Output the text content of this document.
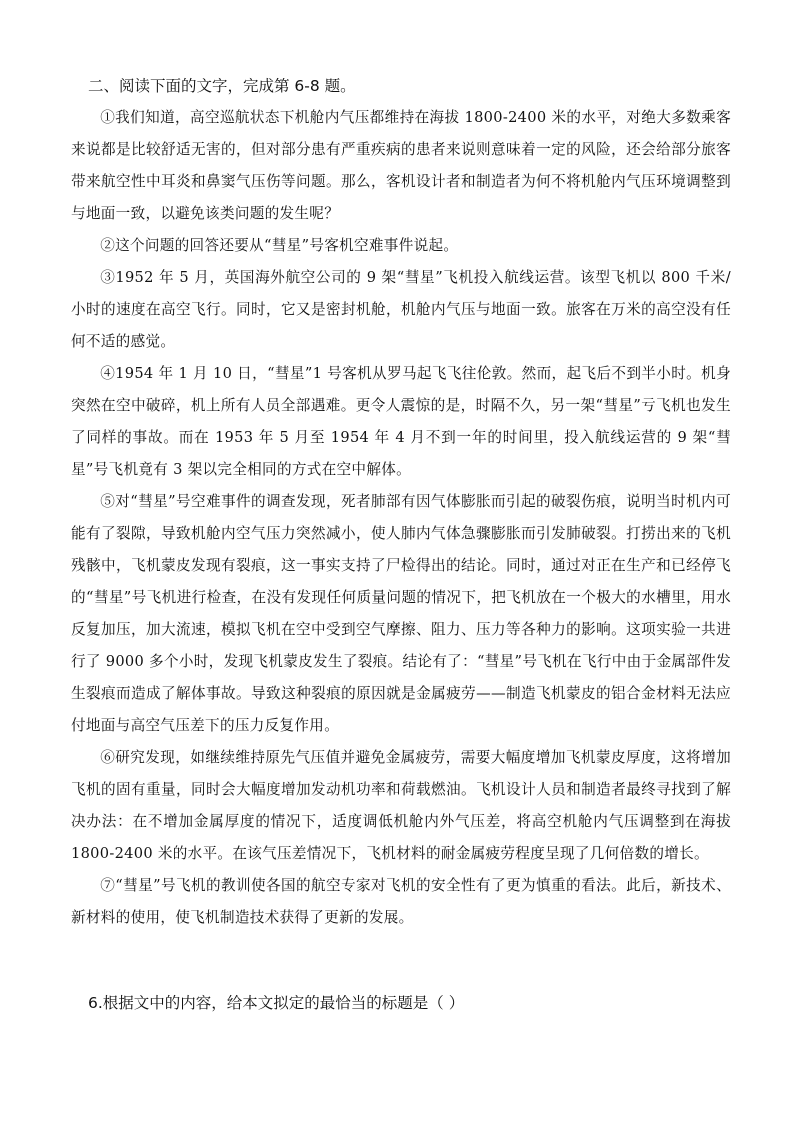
二、阅读下面的文字，完成第 6-8 题。

①我们知道，高空巡航状态下机舱内气压都维持在海拔 1800-2400 米的水平，对绝大多数乘客来说都是比较舒适无害的，但对部分患有严重疾病的患者来说则意味着一定的风险，还会给部分旅客带来航空性中耳炎和鼻窦气压伤等问题。那么，客机设计者和制造者为何不将机舱内气压环境调整到与地面一致，以避免该类问题的发生呢？

②这个问题的回答还要从“彗星”号客机空难事件说起。

③1952 年 5 月，英国海外航空公司的 9 架“彗星”飞机投入航线运营。该型飞机以 800 千米/小时的速度在高空飞行。同时，它又是密封机舱，机舱内气压与地面一致。旅客在万米的高空没有任何不适的感觉。

④1954 年 1 月 10 日，“彗星”1 号客机从罗马起飞飞往伦敦。然而，起飞后不到半小时。机身突然在空中破碎，机上所有人员全部遇难。更令人震惊的是，时隔不久，另一架“彗星”亏飞机也发生了同样的事故。而在 1953 年 5 月至 1954 年 4 月不到一年的时间里，投入航线运营的 9 架“彗星”号飞机竟有 3 架以完全相同的方式在空中解体。

⑤对“彗星”号空难事件的调查发现，死者肺部有因气体膨胀而引起的破裂伤痕，说明当时机内可能有了裂隙，导致机舱内空气压力突然减小，使人肺内气体急骤膨胀而引发肺破裂。打捞出来的飞机残骸中，飞机蒙皮发现有裂痕，这一事实支持了尸检得出的结论。同时，通过对正在生产和已经停飞的“彗星”号飞机进行检查，在没有发现任何质量问题的情况下，把飞机放在一个极大的水槽里，用水反复加压，加大流速，模拟飞机在空中受到空气摩擦、阻力、压力等各种力的影响。这项实验一共进行了 9000 多个小时，发现飞机蒙皮发生了裂痕。结论有了：“彗星”号飞机在飞行中由于金属部件发生裂痕而造成了解体事故。导致这种裂痕的原因就是金属疲劳——制造飞机蒙皮的铝合金材料无法应付地面与高空气压差下的压力反复作用。

⑥研究发现，如继续维持原先气压值并避免金属疲劳，需要大幅度增加飞机蒙皮厚度，这将增加飞机的固有重量，同时会大幅度增加发动机功率和荷载燃油。飞机设计人员和制造者最终寻找到了解决办法：在不增加金属厚度的情况下，适度调低机舱内外气压差，将高空机舱内气压调整到在海拔 1800-2400 米的水平。在该气压差情况下，飞机材料的耐金属疲劳程度呈现了几何倍数的增长。

⑦“彗星”号飞机的教训使各国的航空专家对飞机的安全性有了更为慎重的看法。此后，新技术、新材料的使用，使飞机制造技术获得了更新的发展。

6.根据文中的内容，给本文拟定的最恰当的标题是（ ）
